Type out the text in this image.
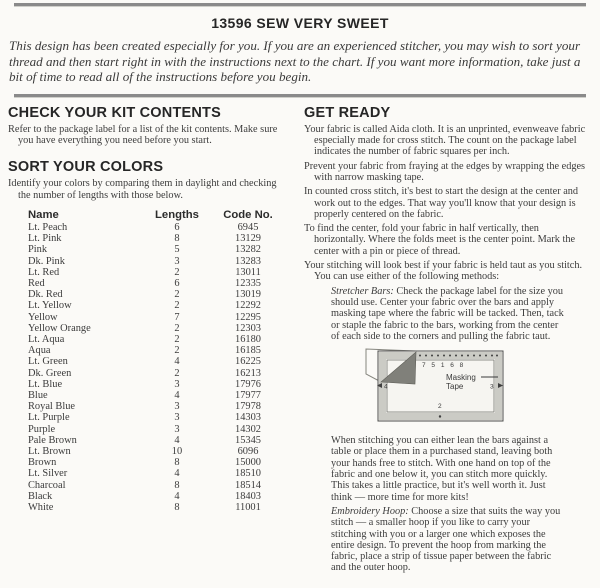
13596 SEW VERY SWEET

This design has been created especially for you. If you are an experienced stitcher, you may wish to sort your thread and then start right in with the instructions next to the chart. If you want more information, take just a bit of time to read all of the instructions before you begin.

CHECK YOUR KIT CONTENTS

Refer to the package label for a list of the kit contents. Make sure you have everything you need before you start.

SORT YOUR COLORS

Identify your colors by comparing them in daylight and checking the number of lengths with those below.

Name	Lengths	Code No.
Lt. Peach	6	6945
Lt. Pink	8	13129
Pink	5	13282
Dk. Pink	3	13283
Lt. Red	2	13011
Red	6	12335
Dk. Red	2	13019
Lt. Yellow	2	12292
Yellow	7	12295
Yellow Orange	2	12303
Lt. Aqua	2	16180
Aqua	2	16185
Lt. Green	4	16225
Dk. Green	2	16213
Lt. Blue	3	17976
Blue	4	17977
Royal Blue	3	17978
Lt. Purple	3	14303
Purple	3	14302
Pale Brown	4	15345
Lt. Brown	10	6096
Brown	8	15000
Lt. Silver	4	18510
Charcoal	8	18514
Black	4	18403
White	8	11001
GET READY

Your fabric is called Aida cloth. It is an unprinted, evenweave fabric especially made for cross stitch. The count on the package label indicates the number of fabric squares per inch.

Prevent your fabric from fraying at the edges by wrapping the edges with narrow masking tape.

In counted cross stitch, it's best to start the design at the center and work out to the edges. That way you'll know that your design is properly centered on the fabric.

To find the center, fold your fabric in half vertically, then horizontally. Where the folds meet is the center point. Mark the center with a pin or piece of thread.

Your stitching will look best if your fabric is held taut as you stitch. You can use either of the following methods:

Stretcher Bars: Check the package label for the size you should use. Center your fabric over the bars and apply masking tape where the fabric will be tacked. Then, tack or staple the fabric to the bars, working from the center of each side to the corners and pulling the fabric taut.

7 5 1 6 8
Masking
Tape
4	3
2

When stitching you can either lean the bars against a table or place them in a purchased stand, leaving both your hands free to stitch. With one hand on top of the fabric and one below it, you can stitch more quickly. This takes a little practice, but it's well worth it. Just think — more time for more kits!

Embroidery Hoop: Choose a size that suits the way you stitch — a smaller hoop if you like to carry your stitching with you or a larger one which exposes the entire design. To prevent the hoop from marking the fabric, place a strip of tissue paper between the fabric and the outer hoop.
